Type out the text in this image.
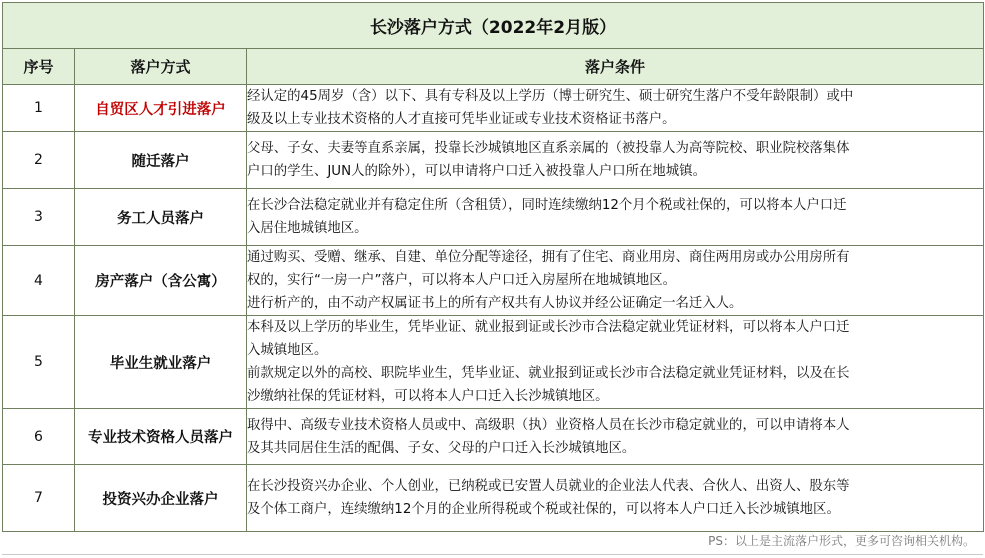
长沙落户方式（2022年2月版）		
序号	落户方式	落户条件
1	自贸区人才引进落户	经认定的45周岁（含）以下、具有专科及以上学历（博士研究生、硕士研究生落户不受年龄限制）或中
级及以上专业技术资格的人才直接可凭毕业证或专业技术资格证书落户。

2	随迁落户	父母、子女、夫妻等直系亲属，投靠长沙城镇地区直系亲属的（被投靠人为高等院校、职业院校落集体
户口的学生、JUN人的除外），可以申请将户口迁入被投靠人户口所在地城镇。

3	务工人员落户	在长沙合法稳定就业并有稳定住所（含租赁），同时连续缴纳12个月个税或社保的，可以将本人户口迁
入居住地城镇地区。

4	房产落户（含公寓）	通过购买、受赠、继承、自建、单位分配等途径，拥有了住宅、商业用房、商住两用房或办公用房所有
权的，实行“一房一户”落户，可以将本人户口迁入房屋所在地城镇地区。
进行析产的，由不动产权属证书上的所有产权共有人协议并经公证确定一名迁入人。

5	毕业生就业落户	本科及以上学历的毕业生，凭毕业证、就业报到证或长沙市合法稳定就业凭证材料，可以将本人户口迁
入城镇地区。
前款规定以外的高校、职院毕业生，凭毕业证、就业报到证或长沙市合法稳定就业凭证材料，以及在长
沙缴纳社保的凭证材料，可以将本人户口迁入长沙城镇地区。

6	专业技术资格人员落户	取得中、高级专业技术资格人员或中、高级职（执）业资格人员在长沙市稳定就业的，可以申请将本人
及其共同居住生活的配偶、子女、父母的户口迁入长沙城镇地区。

7	投资兴办企业落户	在长沙投资兴办企业、个人创业，已纳税或已安置人员就业的企业法人代表、合伙人、出资人、股东等
及个体工商户，连续缴纳12个月的企业所得税或个税或社保的，可以将本人户口迁入长沙城镇地区。
PS：以上是主流落户形式，更多可咨询相关机构。
